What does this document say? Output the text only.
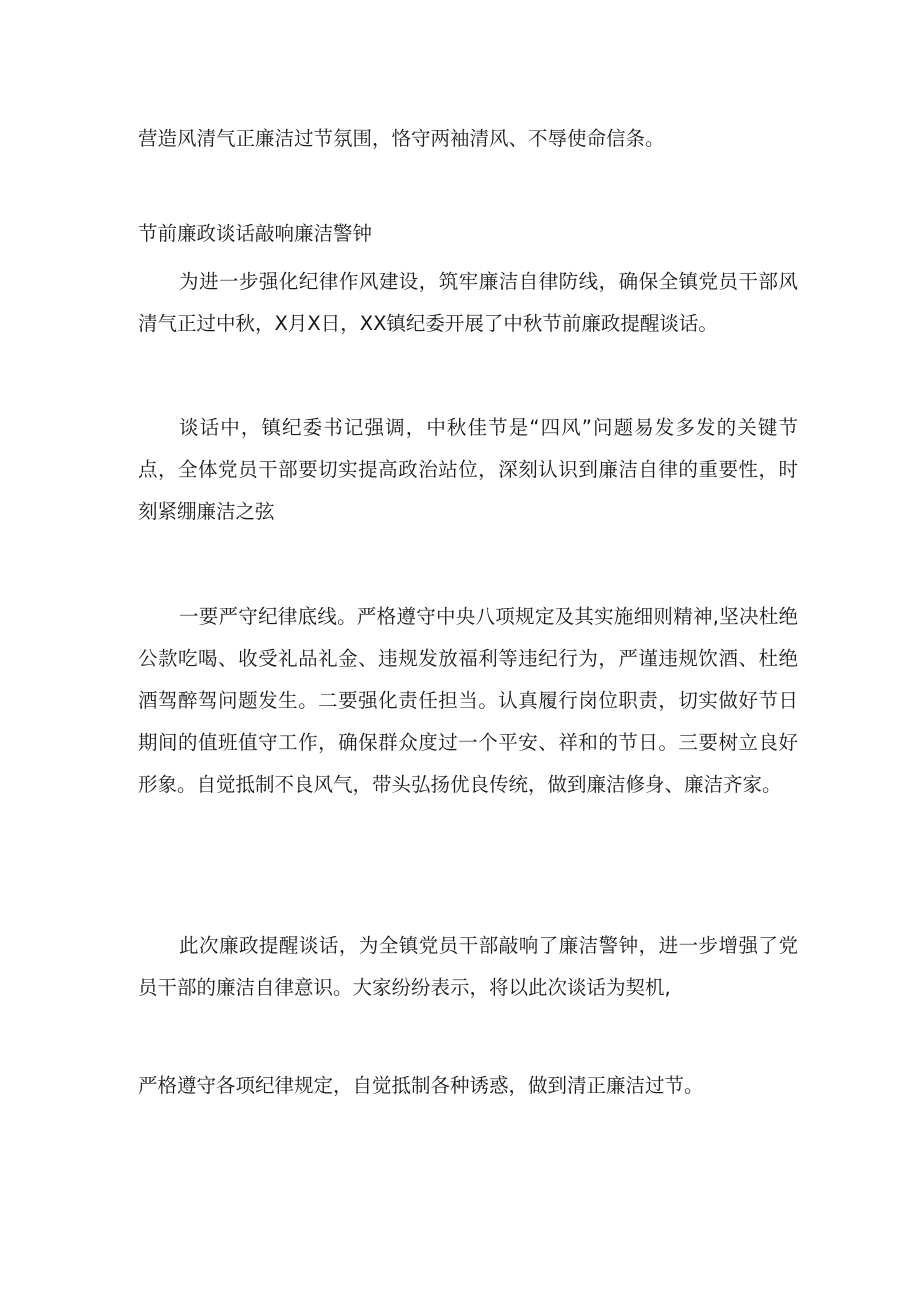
营造风清气正廉洁过节氛围，恪守两袖清风、不辱使命信条。

节前廉政谈话敲响廉洁警钟

为进一步强化纪律作风建设，筑牢廉洁自律防线，确保全镇党员干部风清气正过中秋，X月X日，XX镇纪委开展了中秋节前廉政提醒谈话。

谈话中，镇纪委书记强调，中秋佳节是“四风”问题易发多发的关键节点，全体党员干部要切实提高政治站位，深刻认识到廉洁自律的重要性，时刻紧绷廉洁之弦

一要严守纪律底线。严格遵守中央八项规定及其实施细则精神,坚决杜绝公款吃喝、收受礼品礼金、违规发放福利等违纪行为，严谨违规饮酒、杜绝酒驾醉驾问题发生。二要强化责任担当。认真履行岗位职责，切实做好节日期间的值班值守工作，确保群众度过一个平安、祥和的节日。三要树立良好形象。自觉抵制不良风气，带头弘扬优良传统，做到廉洁修身、廉洁齐家。

此次廉政提醒谈话，为全镇党员干部敲响了廉洁警钟，进一步增强了党员干部的廉洁自律意识。大家纷纷表示，将以此次谈话为契机,

严格遵守各项纪律规定，自觉抵制各种诱惑，做到清正廉洁过节。
